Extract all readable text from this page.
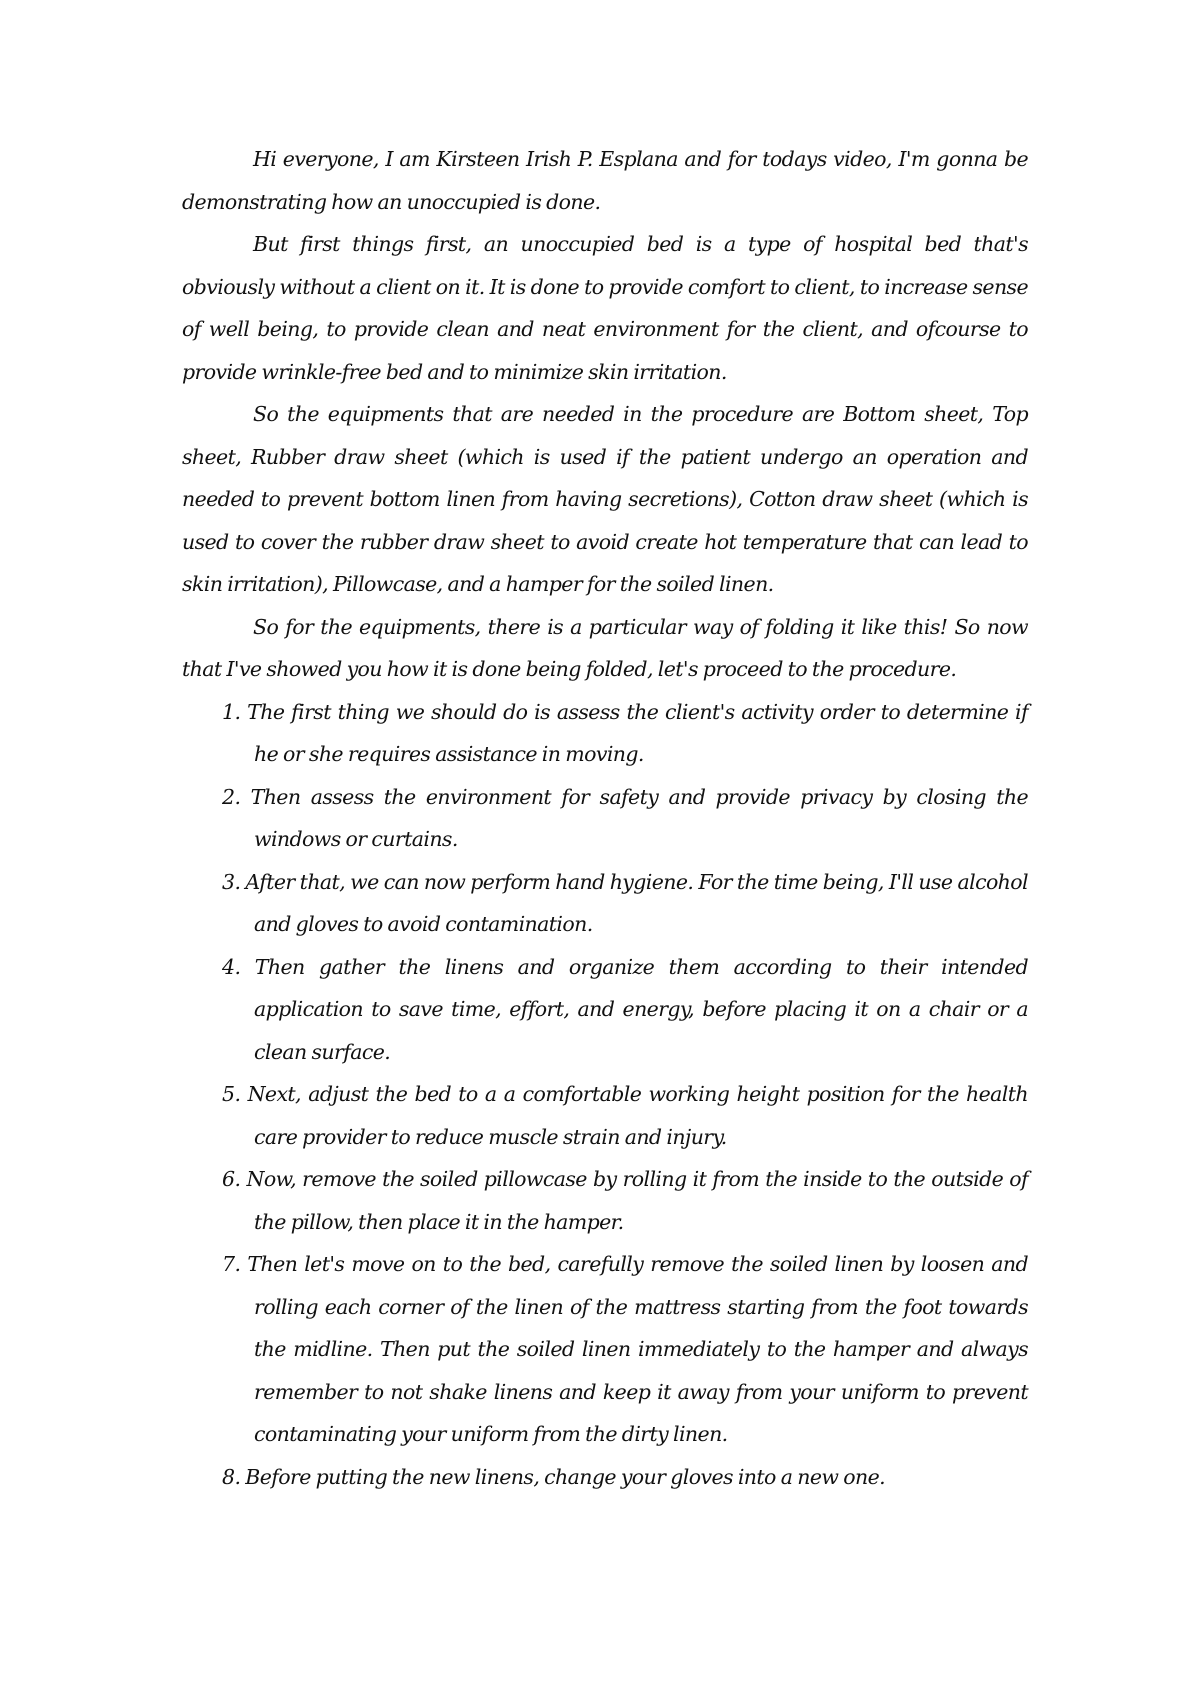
Hi everyone, I am Kirsteen Irish P. Esplana and for todays video, I'm gonna be demonstrating how an unoccupied is done.

But first things first, an unoccupied bed is a type of hospital bed that's obviously without a client on it. It is done to provide comfort to client, to increase sense of well being, to provide clean and neat environment for the client, and ofcourse to provide wrinkle-free bed and to minimize skin irritation.

So the equipments that are needed in the procedure are Bottom sheet, Top sheet, Rubber draw sheet (which is used if the patient undergo an operation and needed to prevent bottom linen from having secretions), Cotton draw sheet (which is used to cover the rubber draw sheet to avoid create hot temperature that can lead to skin irritation), Pillowcase, and a hamper for the soiled linen.

So for the equipments, there is a particular way of folding it like this! So now that I've showed you how it is done being folded, let's proceed to the procedure.

1. The first thing we should do is assess the client's activity order to determine if he or she requires assistance in moving.
2. Then assess the environment for safety and provide privacy by closing the windows or curtains.
3. After that, we can now perform hand hygiene. For the time being, I'll use alcohol and gloves to avoid contamination.
4. Then gather the linens and organize them according to their intended application to save time, effort, and energy, before placing it on a chair or a clean surface.
5. Next, adjust the bed to a a comfortable working height position for the health care provider to reduce muscle strain and injury.
6. Now, remove the soiled pillowcase by rolling it from the inside to the outside of the pillow, then place it in the hamper.
7. Then let's move on to the bed, carefully remove the soiled linen by loosen and rolling each corner of the linen of the mattress starting from the foot towards the midline. Then put the soiled linen immediately to the hamper and always remember to not shake linens and keep it away from your uniform to prevent contaminating your uniform from the dirty linen.
8. Before putting the new linens, change your gloves into a new one.
